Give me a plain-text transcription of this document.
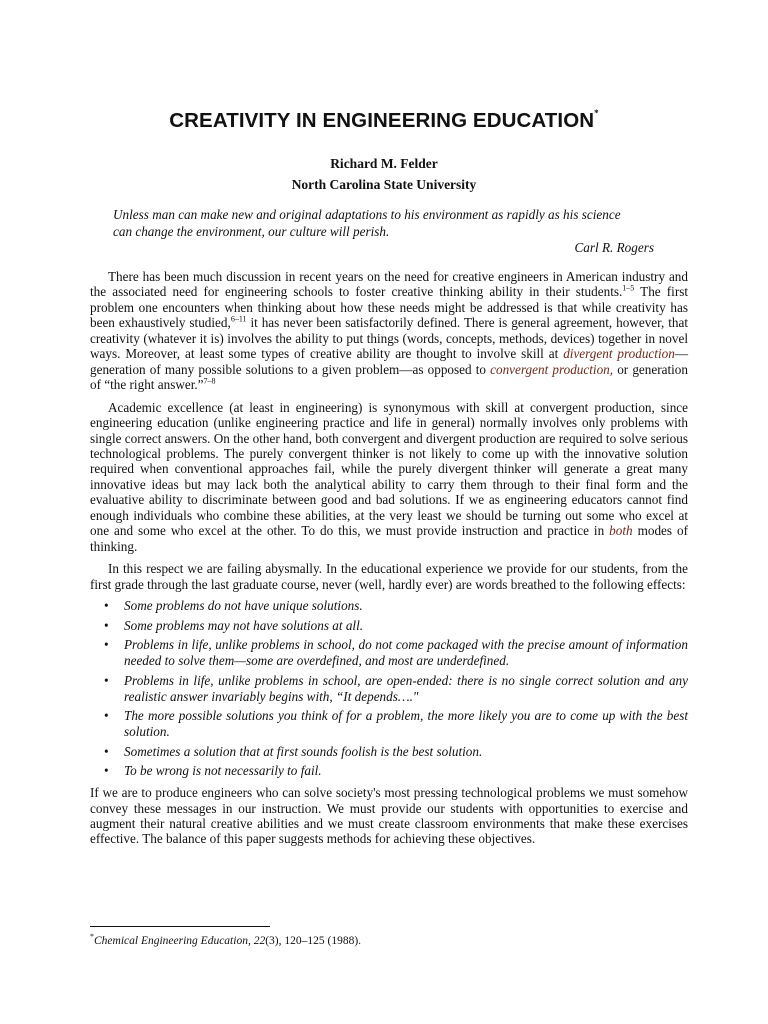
CREATIVITY IN ENGINEERING EDUCATION*
Richard M. Felder
North Carolina State University
Unless man can make new and original adaptations to his environment as rapidly as his science
can change the environment, our culture will perish.
Carl R. Rogers

There has been much discussion in recent years on the need for creative engineers in American industry and the associated need for engineering schools to foster creative thinking ability in their students.$^{1-5}$ The first problem one encounters when thinking about how these needs might be addressed is that while creativity has been exhaustively studied,$^{6-11}$ it has never been satisfactorily defined. There is general agreement, however, that creativity (whatever it is) involves the ability to put things (words, concepts, methods, devices) together in novel ways. Moreover, at least some types of creative ability are thought to involve skill at divergent production—generation of many possible solutions to a given problem—as opposed to convergent production, or generation of “the right answer.”$^{7-8}$

Academic excellence (at least in engineering) is synonymous with skill at convergent production, since engineering education (unlike engineering practice and life in general) normally involves only problems with single correct answers. On the other hand, both convergent and divergent production are required to solve serious technological problems. The purely convergent thinker is not likely to come up with the innovative solution required when conventional approaches fail, while the purely divergent thinker will generate a great many innovative ideas but may lack both the analytical ability to carry them through to their final form and the evaluative ability to discriminate between good and bad solutions. If we as engineering educators cannot find enough individuals who combine these abilities, at the very least we should be turning out some who excel at one and some who excel at the other. To do this, we must provide instruction and practice in both modes of thinking.

In this respect we are failing abysmally. In the educational experience we provide for our students, from the first grade through the last graduate course, never (well, hardly ever) are words breathed to the following effects:

• Some problems do not have unique solutions.
• Some problems may not have solutions at all.
• Problems in life, unlike problems in school, do not come packaged with the precise amount of information needed to solve them—some are overdefined, and most are underdefined.
• Problems in life, unlike problems in school, are open-ended: there is no single correct solution and any realistic answer invariably begins with, “It depends…."
• The more possible solutions you think of for a problem, the more likely you are to come up with the best solution.
• Sometimes a solution that at first sounds foolish is the best solution.
• To be wrong is not necessarily to fail.

If we are to produce engineers who can solve society's most pressing technological problems we must somehow convey these messages in our instruction. We must provide our students with opportunities to exercise and augment their natural creative abilities and we must create classroom environments that make these exercises effective. The balance of this paper suggests methods for achieving these objectives.

*Chemical Engineering Education, 22(3), 120–125 (1988).
